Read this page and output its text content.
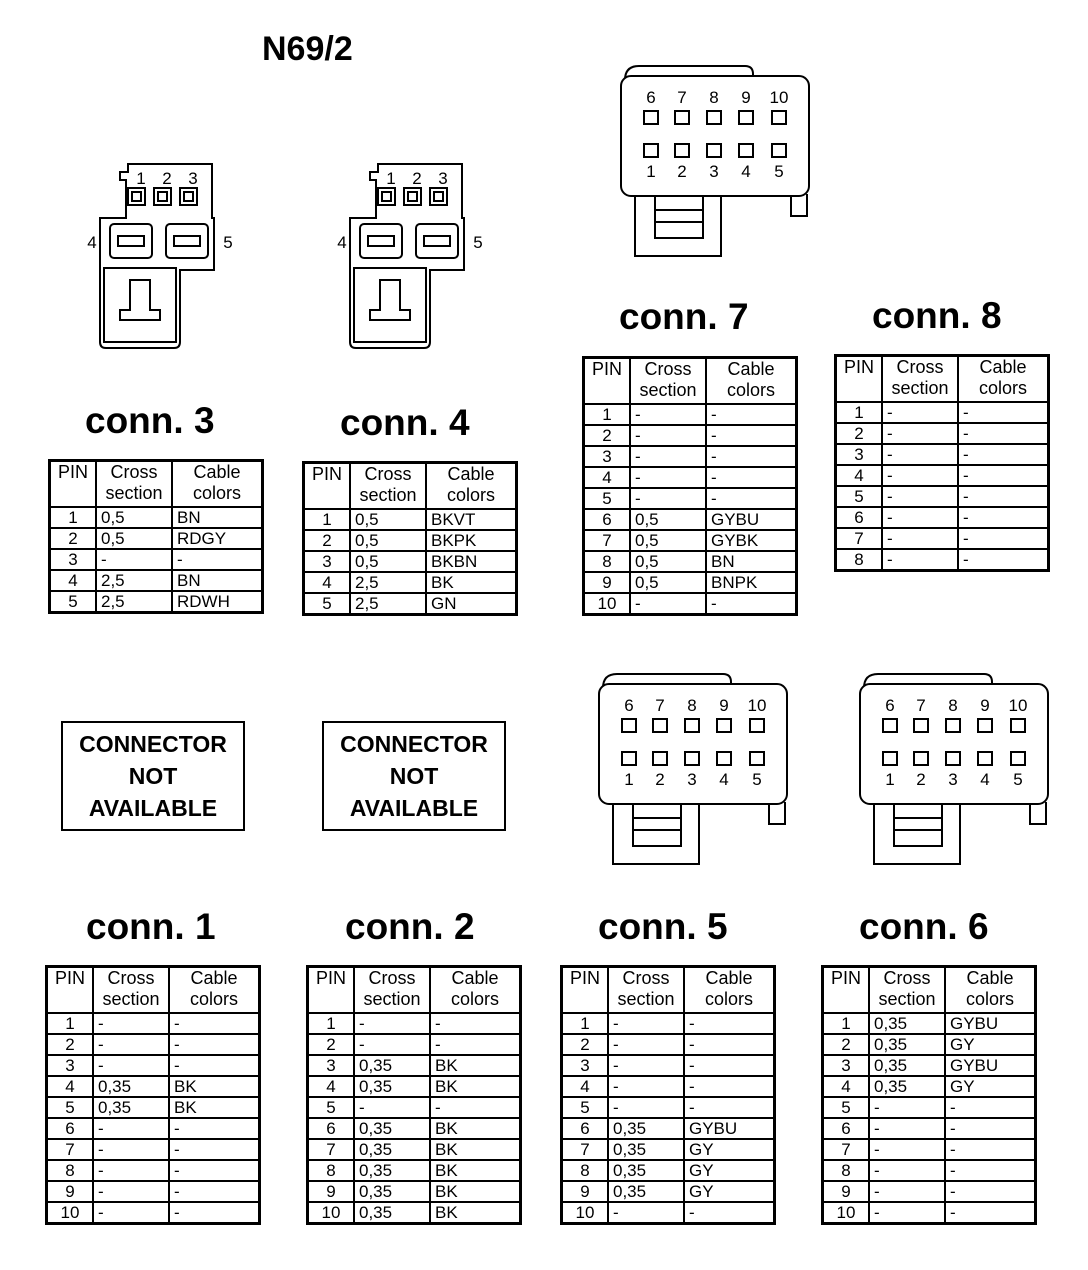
N69/2
1 2 3
4	5
1 2 3
4	5
6
1
7
2
8
3
9
4
10
5
6
1
7
2
8
3
9
4
10
5
6
1
7
2
8
3
9
4
10
5
conn. 3	conn. 4
conn. 7	conn. 8
conn. 1	conn. 2	conn. 5	conn. 6
PIN	Cross section	Cable colors
1	0,5	BN
2	0,5	RDGY
3	-	-
4	2,5	BN
5	2,5	RDWH
PIN	Cross section	Cable colors
1	0,5	BKVT
2	0,5	BKPK
3	0,5	BKBN
4	2,5	BK
5	2,5	GN
PIN	Cross section	Cable colors
1	-	-
2	-	-
3	-	-
4	-	-
5	-	-
6	0,5	GYBU
7	0,5	GYBK
8	0,5	BN
9	0,5	BNPK
10	-	-
PIN	Cross section	Cable colors
1	-	-
2	-	-
3	-	-
4	-	-
5	-	-
6	-	-
7	-	-
8	-	-
PIN	Cross section	Cable colors
1	-	-
2	-	-
3	-	-
4	0,35	BK
5	0,35	BK
6	-	-
7	-	-
8	-	-
9	-	-
10	-	-
PIN	Cross section	Cable colors
1	-	-
2	-	-
3	0,35	BK
4	0,35	BK
5	-	-
6	0,35	BK
7	0,35	BK
8	0,35	BK
9	0,35	BK
10	0,35	BK
PIN	Cross section	Cable colors
1	-	-
2	-	-
3	-	-
4	-	-
5	-	-
6	0,35	GYBU
7	0,35	GY
8	0,35	GY
9	0,35	GY
10	-	-
PIN	Cross section	Cable colors
1	0,35	GYBU
2	0,35	GY
3	0,35	GYBU
4	0,35	GY
5	-	-
6	-	-
7	-	-
8	-	-
9	-	-
10	-	-
CONNECTOR
NOT
AVAILABLE
CONNECTOR
NOT
AVAILABLE
